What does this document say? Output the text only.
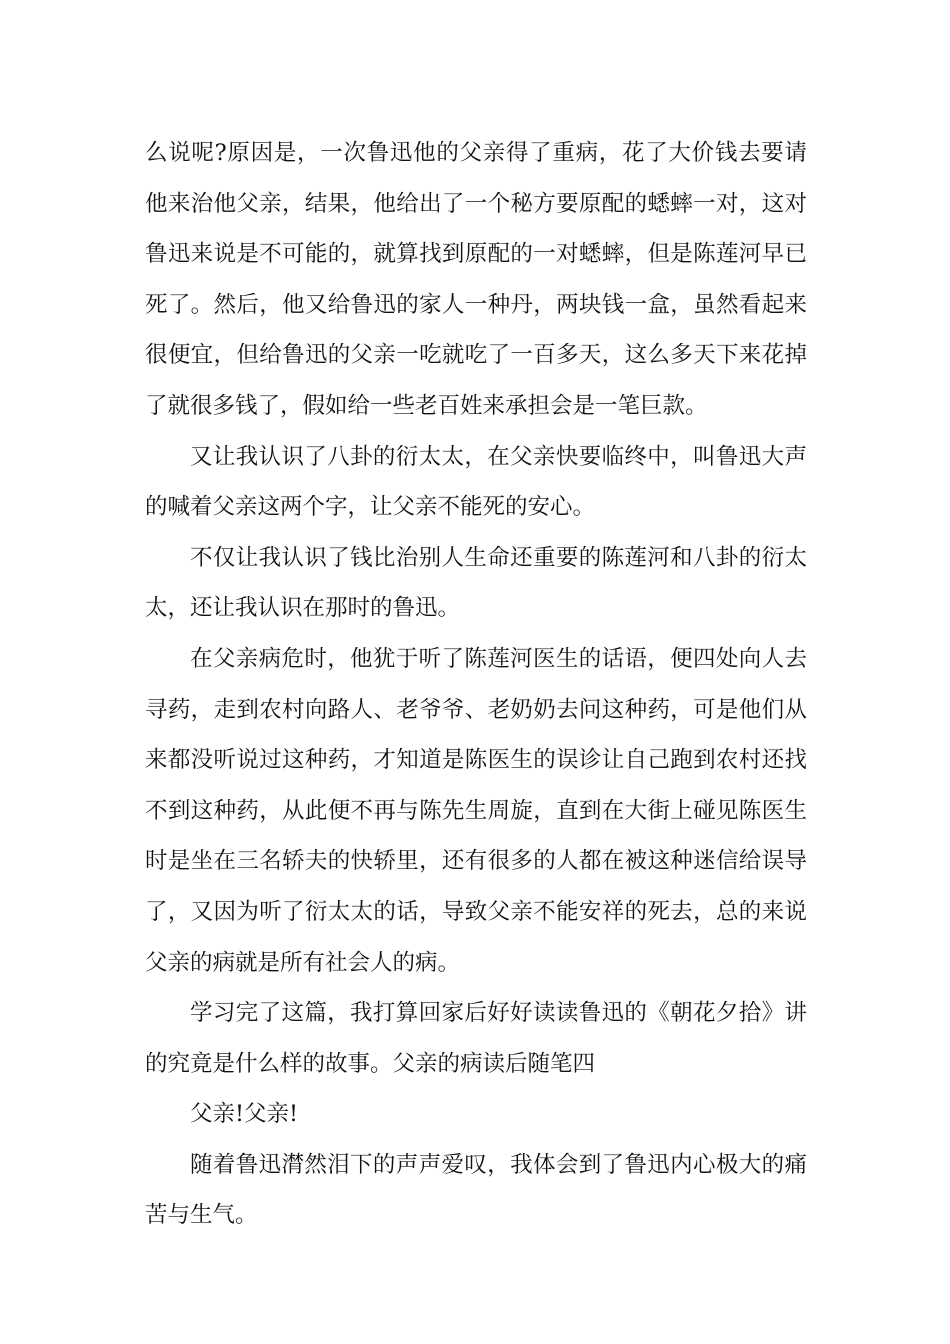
么说呢?原因是，一次鲁迅他的父亲得了重病，花了大价钱去要请他来治他父亲，结果，他给出了一个秘方要原配的蟋蟀一对，这对鲁迅来说是不可能的，就算找到原配的一对蟋蟀，但是陈莲河早已死了。然后，他又给鲁迅的家人一种丹，两块钱一盒，虽然看起来很便宜，但给鲁迅的父亲一吃就吃了一百多天，这么多天下来花掉了就很多钱了，假如给一些老百姓来承担会是一笔巨款。

又让我认识了八卦的衍太太，在父亲快要临终中，叫鲁迅大声的喊着父亲这两个字，让父亲不能死的安心。

不仅让我认识了钱比治别人生命还重要的陈莲河和八卦的衍太太，还让我认识在那时的鲁迅。

在父亲病危时，他犹于听了陈莲河医生的话语，便四处向人去寻药，走到农村向路人、老爷爷、老奶奶去问这种药，可是他们从来都没听说过这种药，才知道是陈医生的误诊让自己跑到农村还找不到这种药，从此便不再与陈先生周旋，直到在大街上碰见陈医生时是坐在三名轿夫的快轿里，还有很多的人都在被这种迷信给误导了，又因为听了衍太太的话，导致父亲不能安祥的死去，总的来说父亲的病就是所有社会人的病。

学习完了这篇，我打算回家后好好读读鲁迅的《朝花夕拾》讲的究竟是什么样的故事。父亲的病读后随笔四

父亲!父亲!

随着鲁迅潸然泪下的声声爱叹，我体会到了鲁迅内心极大的痛苦与生气。
